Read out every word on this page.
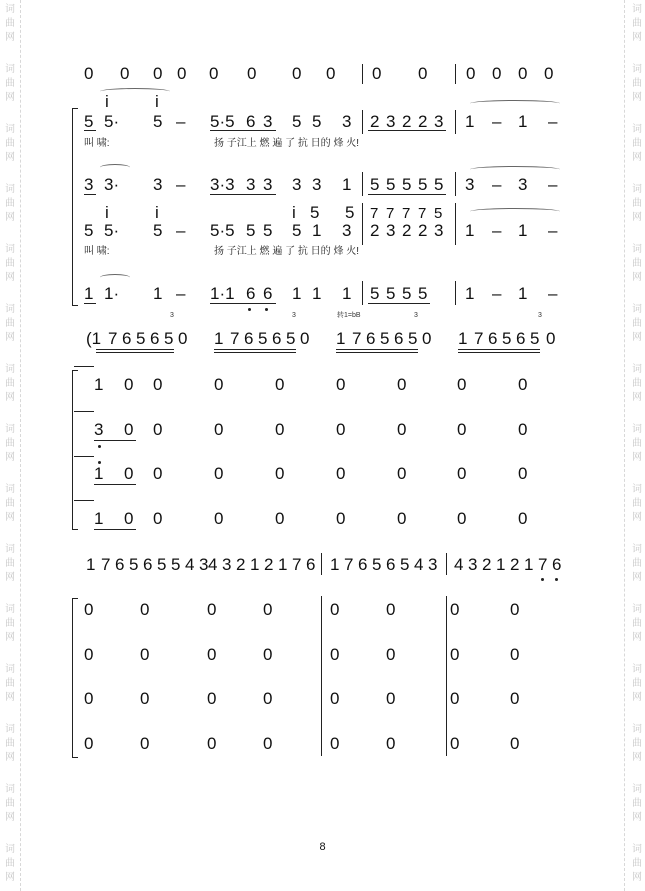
词
曲
网
词
曲
网
词
曲
网
词
曲
网
词
曲
网
词
曲
网
词
曲
网
词
曲
网
词
曲
网
词
曲
网
词
曲
网
词
曲
网
词
曲
网
词
曲
网
词
曲
网
词
曲
网
词
曲
网
词
曲
网
词
曲
网
词
曲
网
词
曲
网
词
曲
网
词
曲
网
词
曲
网
词
曲
网
词
曲
网
词
曲
网
词
曲
网
词
曲
网
词
曲
网
0 0 0 0 0 0 0 0 0 0 0 0 0 0
i	i
5 5· 5 – 5·5 6 3 5 5 3 2 3 2 2 3 1 – 1 –
叫 啸:	扬 子江上 燃 遍 了 抗 日的 烽 火!
3 3· 3 – 3·3 3 3 3 3 1 5 5 5 5 5 3 – 3 –
i	i	i 5 5 7 7 7 7 5
5 5· 5 – 5·5 5 5 5 1 3 2 3 2 2 3 1 – 1 –
叫 啸:	扬 子江上 燃 遍 了 抗 日的 烽 火!
1 1· 1 – 1·1 6 6 1 1 1 5 5 5 5 1 – 1 –
转1=bB
3	3	3	3
(1 7 6 5 6 5 0 1 7 6 5 6 5 0 1 7 6 5 6 5 0 1 7 6 5 6 5 0
1 0 0	0	0	0	0	0	0
3 0 0	0	0	0	0	0	0
1 0 0	0	0	0	0	0	0
1 0 0	0	0	0	0	0	0
1 7 6 5 6 5 5 4 3 4 3 2 1 2 1 7 6 1 7 6 5 6 5 4 3 4 3 2 1 2 1 7 6
0	0	0	0	0	0	0	0
0	0	0	0	0	0	0	0
0	0	0	0	0	0	0	0
0	0	0	0	0	0	0	0
8
